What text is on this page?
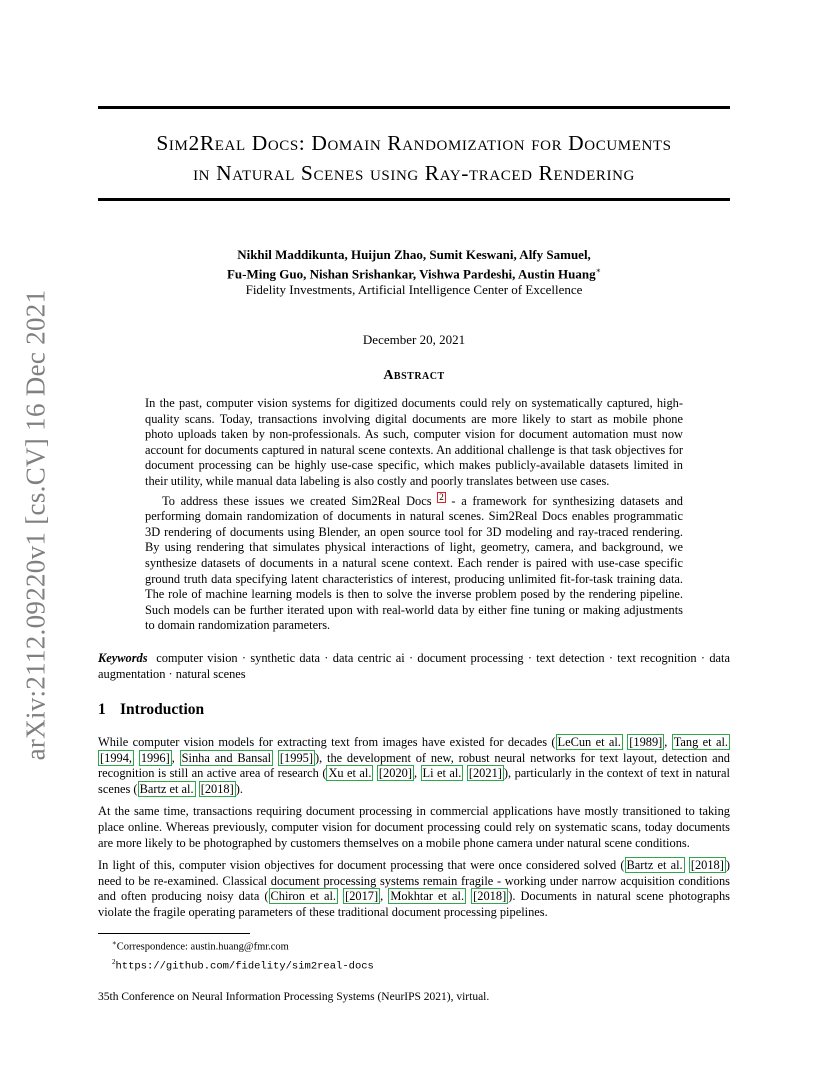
arXiv:2112.09220v1 [cs.CV] 16 Dec 2021
Sim2Real Docs: Domain Randomization for Documents
in Natural Scenes using Ray-traced Rendering
Nikhil Maddikunta, Huijun Zhao, Sumit Keswani, Alfy Samuel,
Fu-Ming Guo, Nishan Srishankar, Vishwa Pardeshi, Austin Huang∗
Fidelity Investments, Artificial Intelligence Center of Excellence
December 20, 2021
Abstract

In the past, computer vision systems for digitized documents could rely on systematically captured, high-quality scans. Today, transactions involving digital documents are more likely to start as mobile phone photo uploads taken by non-professionals. As such, computer vision for document automation must now account for documents captured in natural scene contexts. An additional challenge is that task objectives for document processing can be highly use-case specific, which makes publicly-available datasets limited in their utility, while manual data labeling is also costly and poorly translates between use cases.

To address these issues we created Sim2Real Docs 2 - a framework for synthesizing datasets and performing domain randomization of documents in natural scenes. Sim2Real Docs enables programmatic 3D rendering of documents using Blender, an open source tool for 3D modeling and ray-traced rendering. By using rendering that simulates physical interactions of light, geometry, camera, and background, we synthesize datasets of documents in a natural scene context. Each render is paired with use-case specific ground truth data specifying latent characteristics of interest, producing unlimited fit-for-task training data. The role of machine learning models is then to solve the inverse problem posed by the rendering pipeline. Such models can be further iterated upon with real-world data by either fine tuning or making adjustments to domain randomization parameters.

Keywords computer vision · synthetic data · data centric ai · document processing · text detection · text recognition · data augmentation · natural scenes
1 Introduction

While computer vision models for extracting text from images have existed for decades ( LeCun et al. [1989] , Tang et al. [1994, 1996] , Sinha and Bansal [1995] ), the development of new, robust neural networks for text layout, detection and recognition is still an active area of research ( Xu et al. [2020] , Li et al. [2021] ), particularly in the context of text in natural scenes ( Bartz et al. [2018] ).

At the same time, transactions requiring document processing in commercial applications have mostly transitioned to taking place online. Whereas previously, computer vision for document processing could rely on systematic scans, today documents are more likely to be photographed by customers themselves on a mobile phone camera under natural scene conditions.

In light of this, computer vision objectives for document processing that were once considered solved ( Bartz et al. [2018] ) need to be re-examined. Classical document processing systems remain fragile - working under narrow acquisition conditions and often producing noisy data ( Chiron et al. [2017] , Mokhtar et al. [2018] ). Documents in natural scene photographs violate the fragile operating parameters of these traditional document processing pipelines.

∗Correspondence: austin.huang@fmr.com
$^2$https://github.com/fidelity/sim2real-docs
35th Conference on Neural Information Processing Systems (NeurIPS 2021), virtual.
